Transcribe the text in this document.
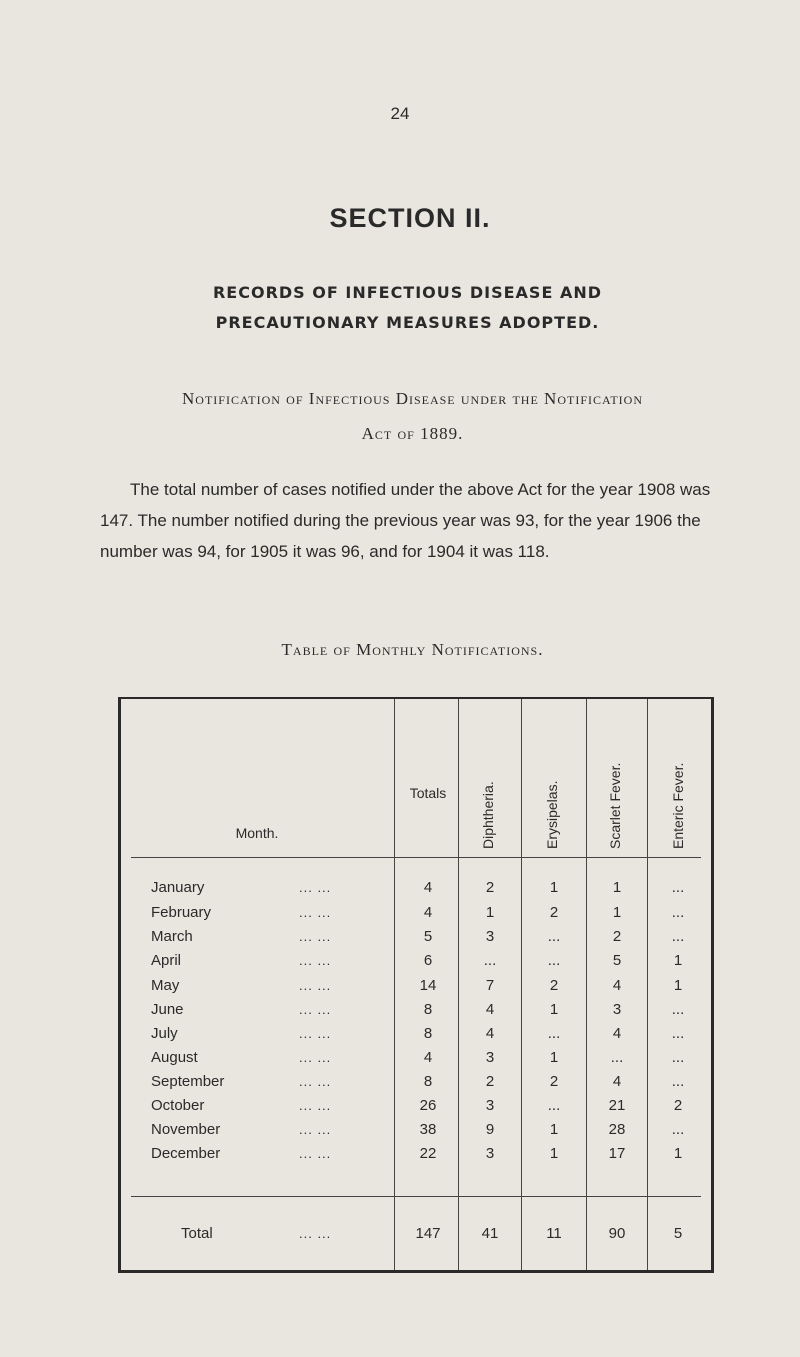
24
SECTION II.
RECORDS OF INFECTIOUS DISEASE AND
PRECAUTIONARY MEASURES ADOPTED.
Notification of Infectious Disease under the Notification
Act of 1889.
The total number of cases notified under the above Act for the year 1908 was 147. The number notified during the previous year was 93, for the year 1906 the number was 94, for 1905 it was 96, and for 1904 it was 118.
Table of Monthly Notifications.
Month.
Totals	Diphtheria.	Erysipelas.	Scarlet Fever.	Enteric Fever.
January	... ...	4	2	1	1	...
February	... ...	4	1	2	1	...
March	... ...	5	3	...	2	...
April	... ...	6	...	...	5	1
May	... ...	14	7	2	4	1
June	... ...	8	4	1	3	...
July	... ...	8	4	...	4	...
August	... ...	4	3	1	...	...
September	... ...	8	2	2	4	...
October	... ...	26	3	...	21	2
November	... ...	38	9	1	28	...
December	... ...	22	3	1	17	1
Total	... ...	147	41	11	90	5
